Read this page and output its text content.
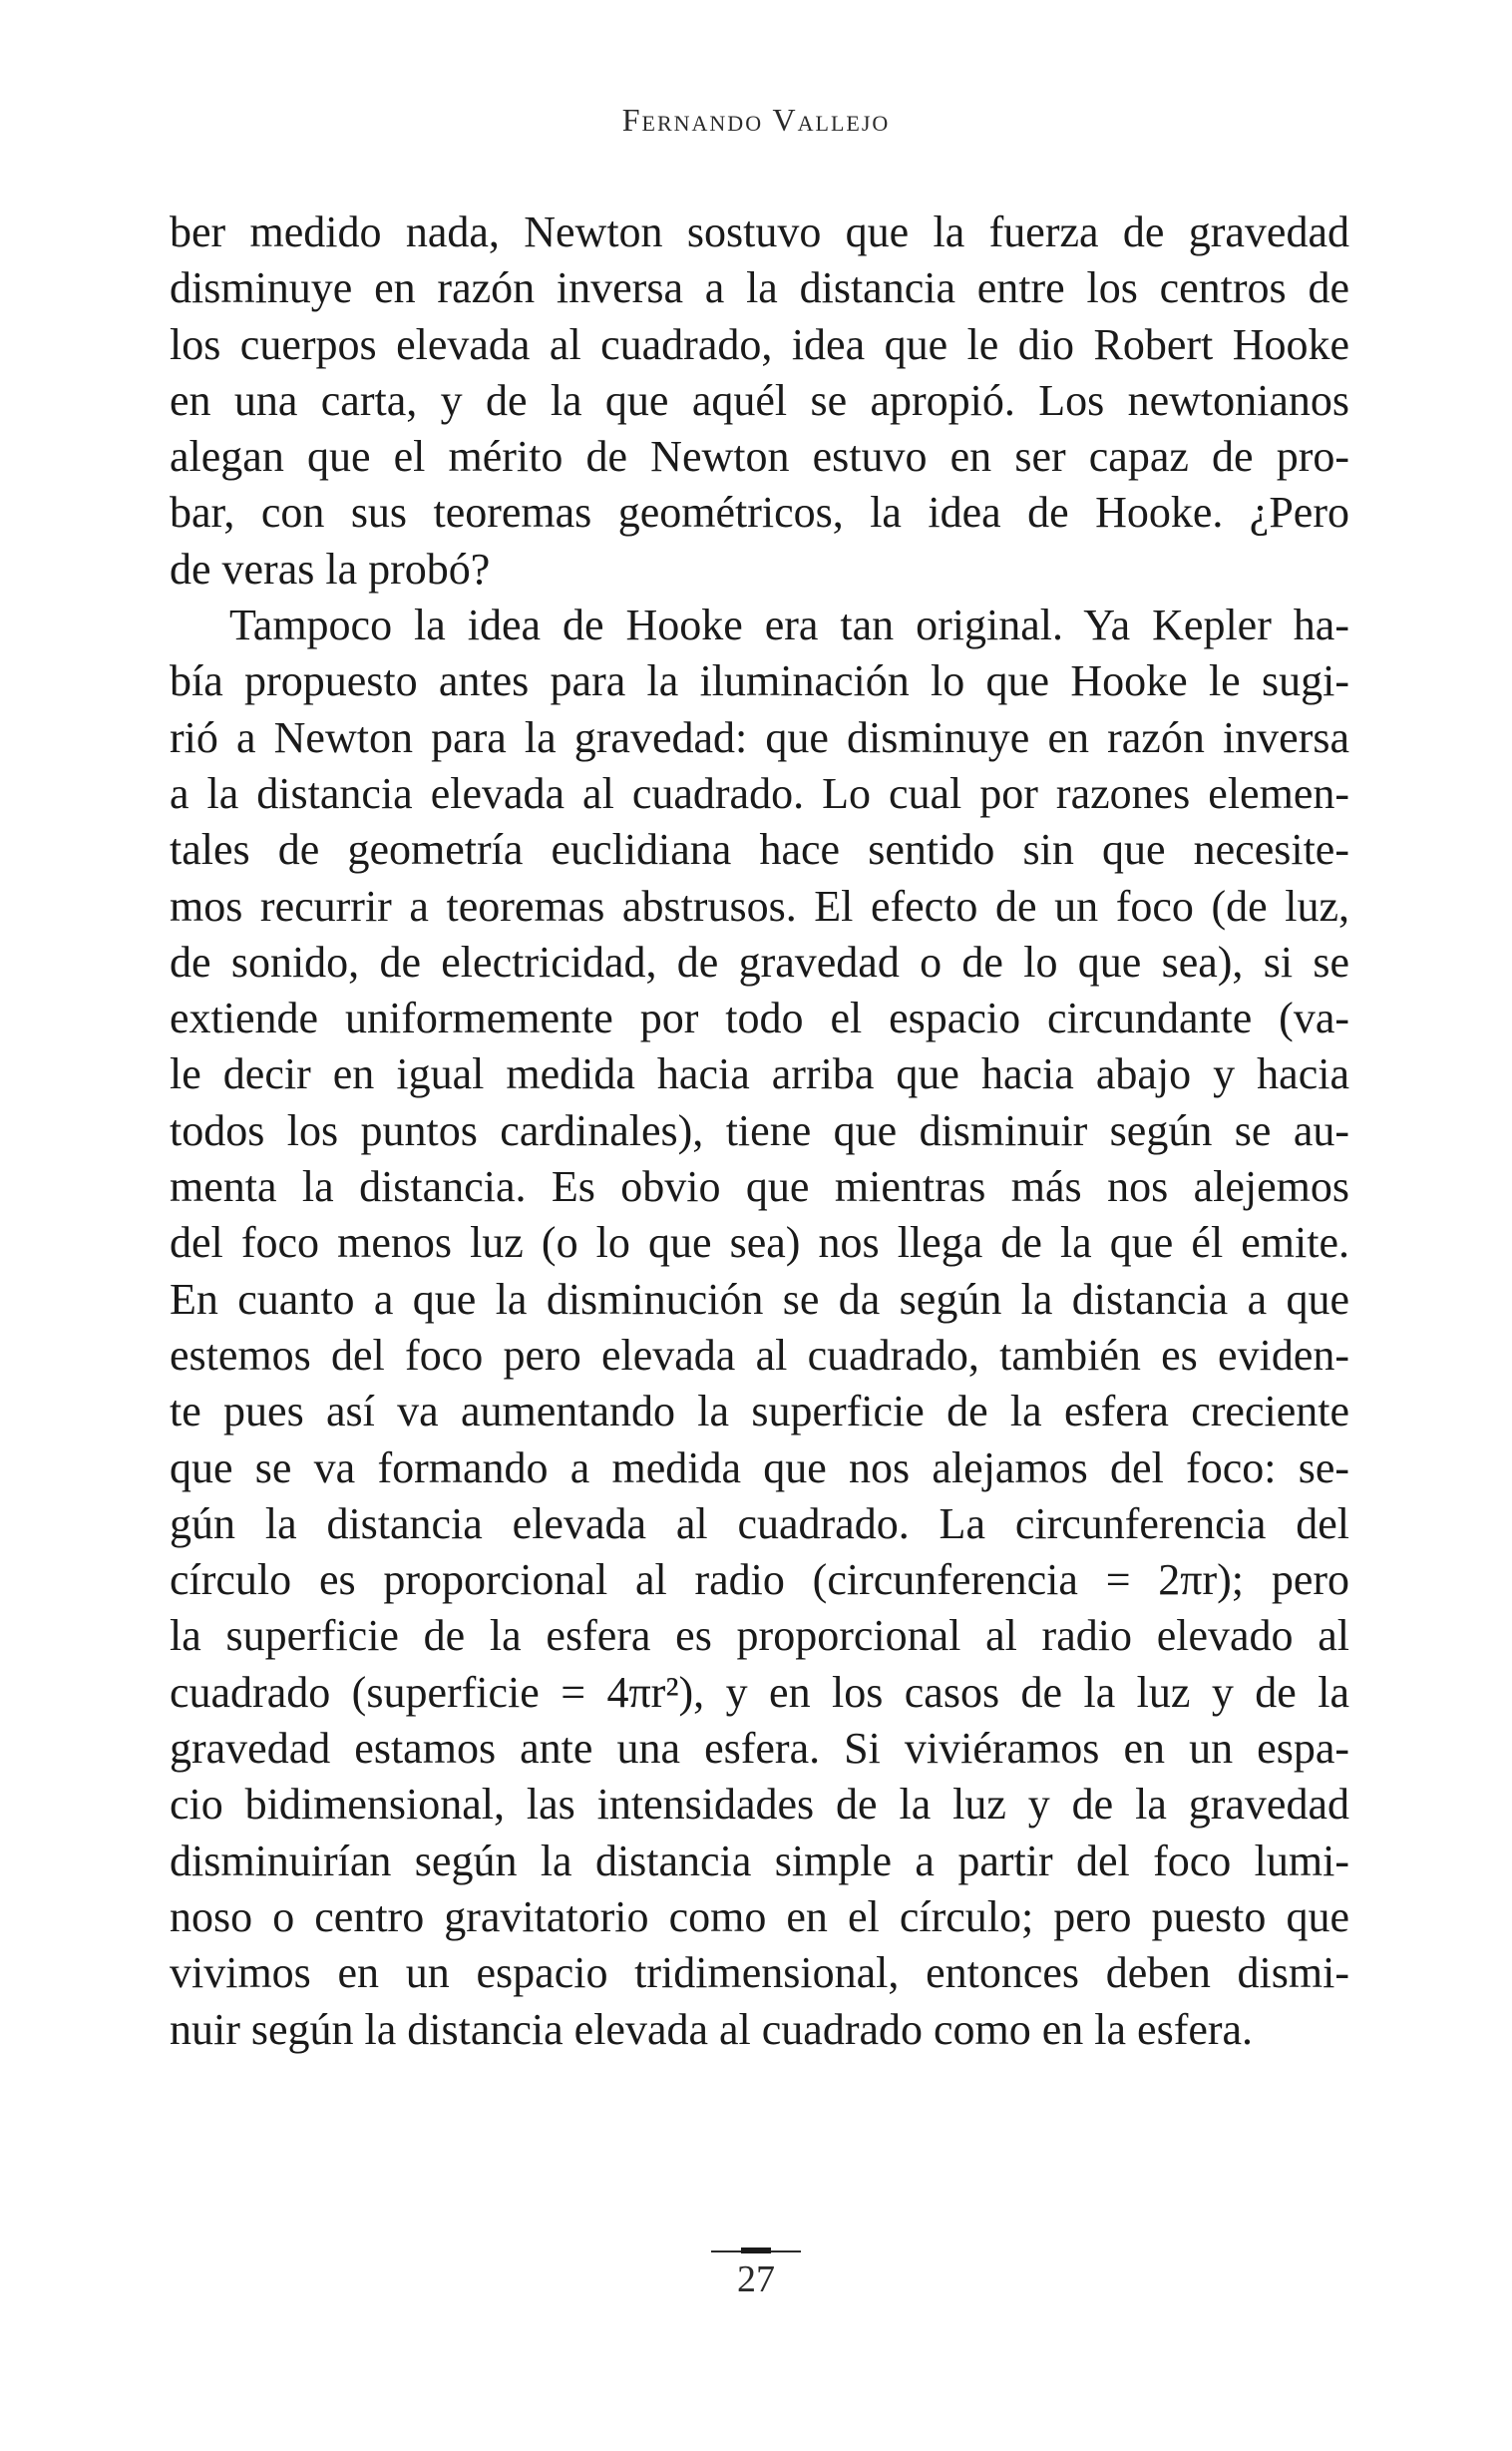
Fernando Vallejo
ber medido nada, Newton sostuvo que la fuerza de gravedad
disminuye en razón inversa a la distancia entre los centros de
los cuerpos elevada al cuadrado, idea que le dio Robert Hooke
en una carta, y de la que aquél se apropió. Los newtonianos
alegan que el mérito de Newton estuvo en ser capaz de pro-
bar, con sus teoremas geométricos, la idea de Hooke. ¿Pero
de veras la probó?
Tampoco la idea de Hooke era tan original. Ya Kepler ha-
bía propuesto antes para la iluminación lo que Hooke le sugi-
rió a Newton para la gravedad: que disminuye en razón inversa
a la distancia elevada al cuadrado. Lo cual por razones elemen-
tales de geometría euclidiana hace sentido sin que necesite-
mos recurrir a teoremas abstrusos. El efecto de un foco (de luz,
de sonido, de electricidad, de gravedad o de lo que sea), si se
extiende uniformemente por todo el espacio circundante (va-
le decir en igual medida hacia arriba que hacia abajo y hacia
todos los puntos cardinales), tiene que disminuir según se au-
menta la distancia. Es obvio que mientras más nos alejemos
del foco menos luz (o lo que sea) nos llega de la que él emite.
En cuanto a que la disminución se da según la distancia a que
estemos del foco pero elevada al cuadrado, también es eviden-
te pues así va aumentando la superficie de la esfera creciente
que se va formando a medida que nos alejamos del foco: se-
gún la distancia elevada al cuadrado. La circunferencia del
círculo es proporcional al radio (circunferencia = 2πr); pero
la superficie de la esfera es proporcional al radio elevado al
cuadrado (superficie = 4πr²), y en los casos de la luz y de la
gravedad estamos ante una esfera. Si viviéramos en un espa-
cio bidimensional, las intensidades de la luz y de la gravedad
disminuirían según la distancia simple a partir del foco lumi-
noso o centro gravitatorio como en el círculo; pero puesto que
vivimos en un espacio tridimensional, entonces deben dismi-
nuir según la distancia elevada al cuadrado como en la esfera.
27
